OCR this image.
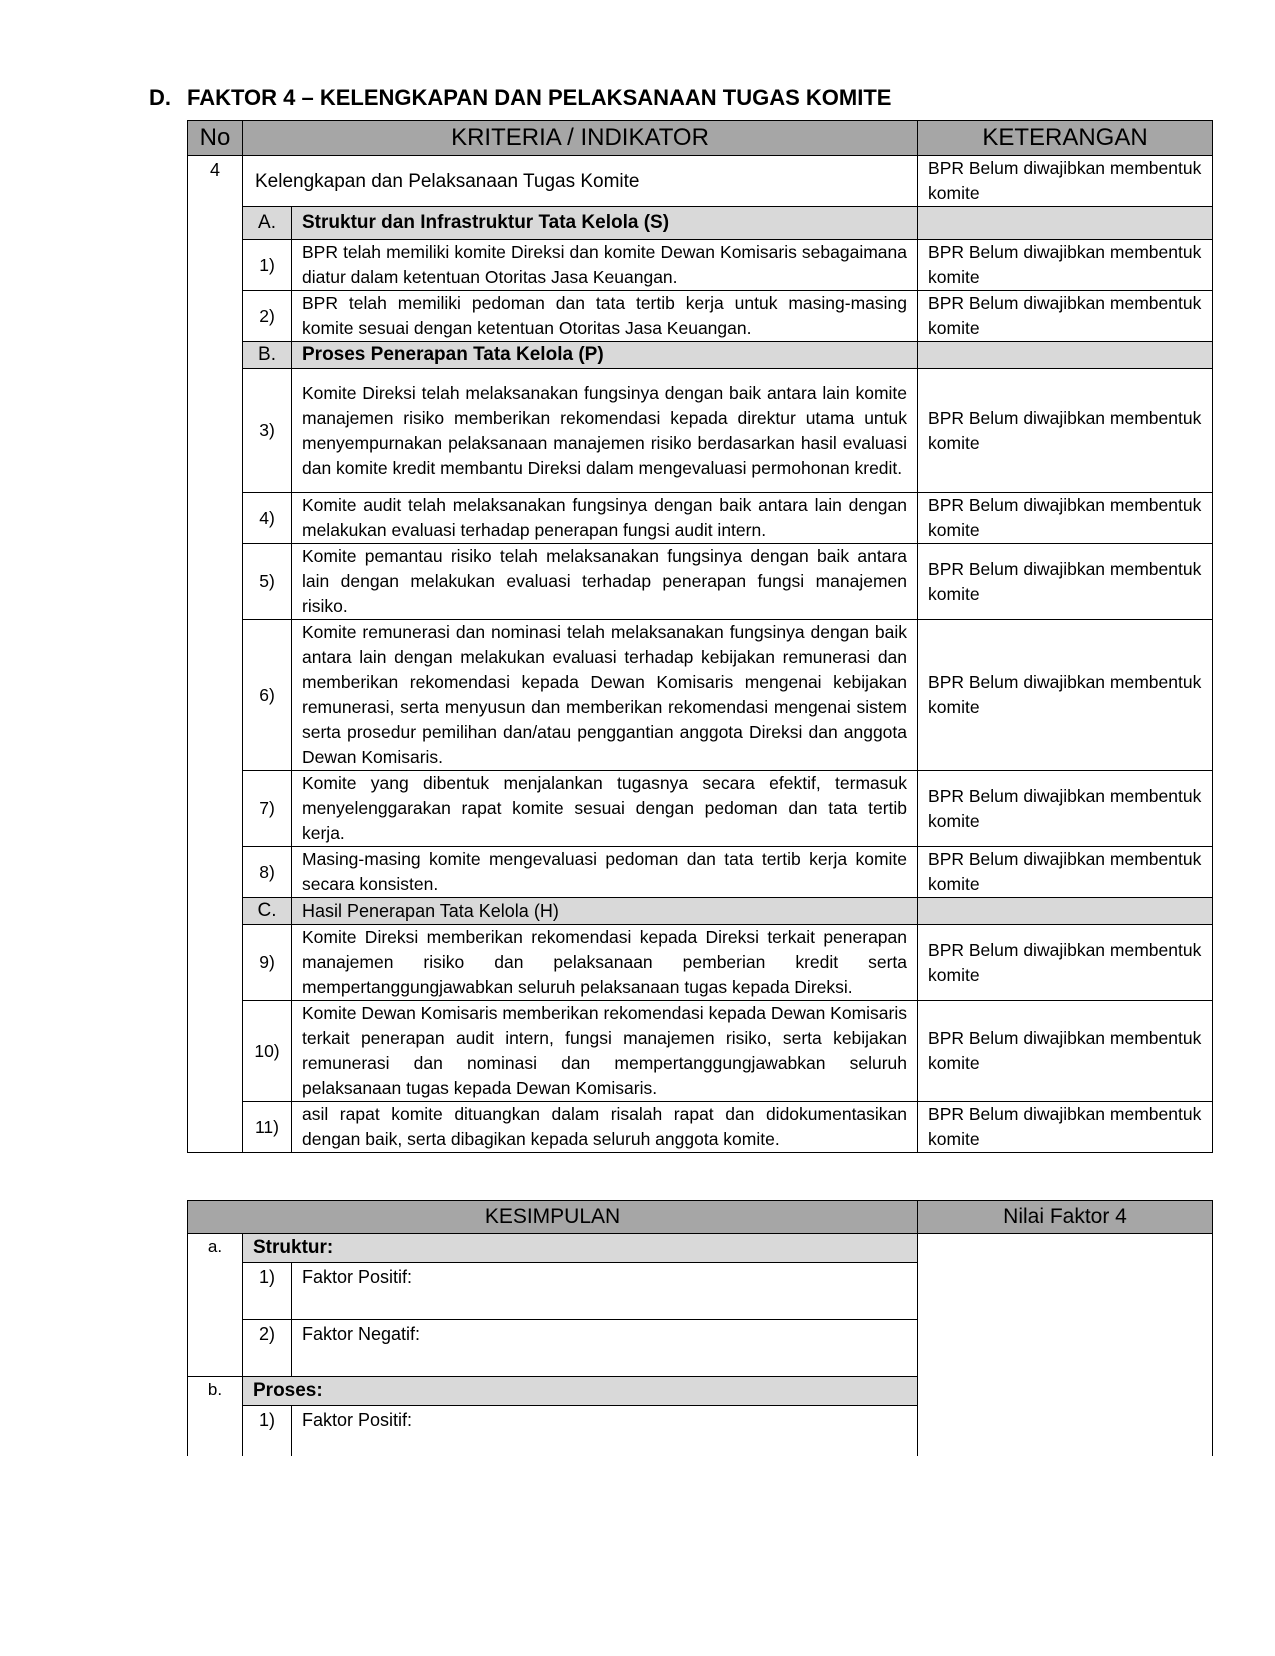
D. FAKTOR 4 – KELENGKAPAN DAN PELAKSANAAN TUGAS KOMITE
No	KRITERIA / INDIKATOR		KETERANGAN
4	Kelengkapan dan Pelaksanaan Tugas Komite		BPR Belum diwajibkan membentuk komite
	A.	Struktur dan Infrastruktur Tata Kelola (S)	
	1)	BPR telah memiliki komite Direksi dan komite Dewan Komisaris sebagaimana diatur dalam ketentuan Otoritas Jasa Keuangan.	BPR Belum diwajibkan membentuk komite
	2)	BPR telah memiliki pedoman dan tata tertib kerja untuk masing-masing komite sesuai dengan ketentuan Otoritas Jasa Keuangan.	BPR Belum diwajibkan membentuk komite
	B.	Proses Penerapan Tata Kelola (P)	
	3)	Komite Direksi telah melaksanakan fungsinya dengan baik antara lain komite manajemen risiko memberikan rekomendasi kepada direktur utama untuk menyempurnakan pelaksanaan manajemen risiko berdasarkan hasil evaluasi dan komite kredit membantu Direksi dalam mengevaluasi permohonan kredit.	BPR Belum diwajibkan membentuk komite
	4)	Komite audit telah melaksanakan fungsinya dengan baik antara lain dengan melakukan evaluasi terhadap penerapan fungsi audit intern.	BPR Belum diwajibkan membentuk komite
	5)	Komite pemantau risiko telah melaksanakan fungsinya dengan baik antara lain dengan melakukan evaluasi terhadap penerapan fungsi manajemen risiko.	BPR Belum diwajibkan membentuk komite
	6)	Komite remunerasi dan nominasi telah melaksanakan fungsinya dengan baik antara lain dengan melakukan evaluasi terhadap kebijakan remunerasi dan memberikan rekomendasi kepada Dewan Komisaris mengenai kebijakan remunerasi, serta menyusun dan memberikan rekomendasi mengenai sistem serta prosedur pemilihan dan/atau penggantian anggota Direksi dan anggota Dewan Komisaris.	BPR Belum diwajibkan membentuk komite
	7)	Komite yang dibentuk menjalankan tugasnya secara efektif, termasuk menyelenggarakan rapat komite sesuai dengan pedoman dan tata tertib kerja.	BPR Belum diwajibkan membentuk komite
	8)	Masing-masing komite mengevaluasi pedoman dan tata tertib kerja komite secara konsisten.	BPR Belum diwajibkan membentuk komite
	C.	Hasil Penerapan Tata Kelola (H)	
	9)	Komite Direksi memberikan rekomendasi kepada Direksi terkait penerapan manajemen risiko dan pelaksanaan pemberian kredit serta mempertanggungjawabkan seluruh pelaksanaan tugas kepada Direksi.	BPR Belum diwajibkan membentuk komite
	10)	Komite Dewan Komisaris memberikan rekomendasi kepada Dewan Komisaris terkait penerapan audit intern, fungsi manajemen risiko, serta kebijakan remunerasi dan nominasi dan mempertanggungjawabkan seluruh pelaksanaan tugas kepada Dewan Komisaris.	BPR Belum diwajibkan membentuk komite
	11)	asil rapat komite dituangkan dalam risalah rapat dan didokumentasikan dengan baik, serta dibagikan kepada seluruh anggota komite.	BPR Belum diwajibkan membentuk komite
KESIMPULAN			Nilai Faktor 4
a.	Struktur:		
	1)	Faktor Positif:	
	2)	Faktor Negatif:	
b.	Proses:		
	1)	Faktor Positif:	
